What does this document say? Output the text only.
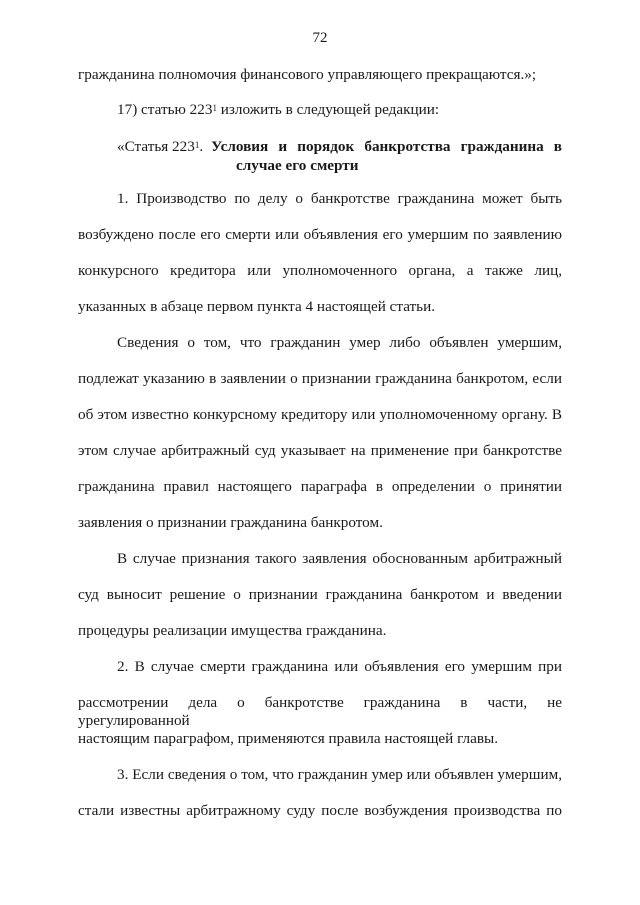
72
гражданина полномочия финансового управляющего прекращаются.»;
17) статью $223^1$ изложить в следующей редакции:
«Статья $223^1$. Условия и порядок банкротства гражданина в
случае его смерти
1. Производство по делу о банкротстве гражданина может быть
возбуждено после его смерти или объявления его умершим по заявлению
конкурсного кредитора или уполномоченного органа, а также лиц,
указанных в абзаце первом пункта 4 настоящей статьи.
Сведения о том, что гражданин умер либо объявлен умершим,
подлежат указанию в заявлении о признании гражданина банкротом, если
об этом известно конкурсному кредитору или уполномоченному органу. В
этом случае арбитражный суд указывает на применение при банкротстве
гражданина правил настоящего параграфа в определении о принятии
заявления о признании гражданина банкротом.
В случае признания такого заявления обоснованным арбитражный
суд выносит решение о признании гражданина банкротом и введении
процедуры реализации имущества гражданина.
2. В случае смерти гражданина или объявления его умершим при
рассмотрении дела о банкротстве гражданина в части, не урегулированной
настоящим параграфом, применяются правила настоящей главы.
3. Если сведения о том, что гражданин умер или объявлен умершим,
стали известны арбитражному суду после возбуждения производства по
